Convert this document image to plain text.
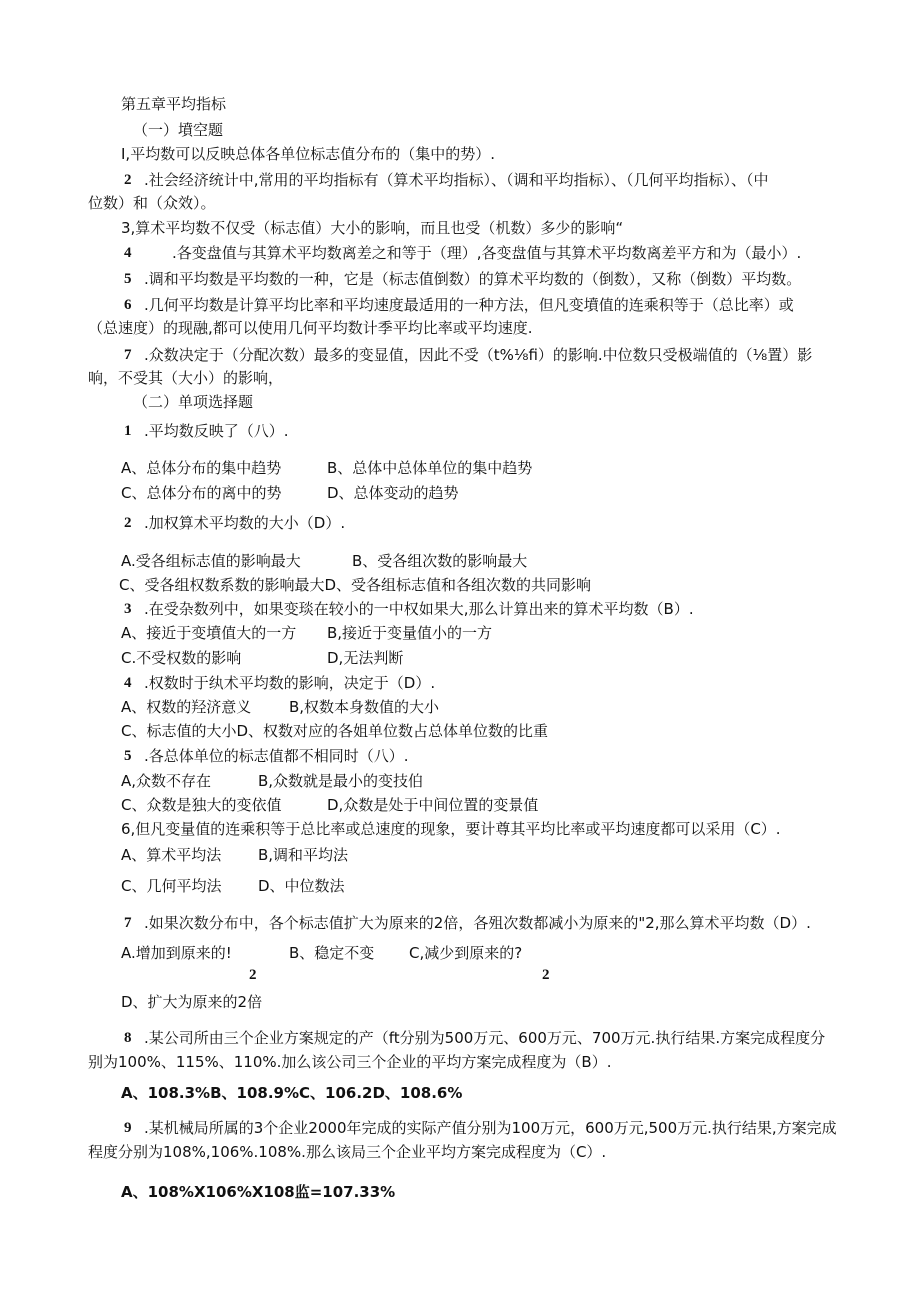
第五章平均指标
（一）墳空题
I,平均数可以反映总体各单位标志值分布的（集中的势）.
2 .社会经济统计中,常用的平均指标有（算术平均指标）、（调和平均指标）、（几何平均指标）、（中
位数）和（众效）。
3,算术平均数不仅受（标志值）大小的影响，而且也受（机数）多少的影响“
4	.各变盘值与其算术平均数离差之和等于（理）,各变盘值与其算术平均数离差平方和为（最小）.
5 .调和平均数是平均数的一种，它是（标志值倒数）的算术平均数的（倒数），又称（倒数）平均数。
6 .几何平均数是计算平均比率和平均速度最适用的一种方法，但凡变墳值的连乘积等于（总比率）或
（总速度）的现融,都可以使用几何平均数计季平均比率或平均速度.
7 .众数决定于（分配次数）最多的变显值，因此不受（t%⅛fi）的影响.中位数只受极端值的（⅛置）影
响，不受其（大小）的影响，
（二）单项选择题
1 .平均数反映了（八）.
A、总体分布的集中趋势	B、总体中总体单位的集中趋势
C、总体分布的离中的势	D、总体变动的趋势
2 .加权算术平均数的大小（D）.
A.受各组标志值的影响最大	B、受各组次数的影响最大
C、受各组权数系数的影响最大D、受各组标志值和各组次数的共同影响
3 .在受杂数列中，如果变琰在较小的一中权如果大,那么计算出来的算术平均数（B）.
A、接近于变墳值大的一方 B,接近于变量值小的一方
C.不受权数的影响	D,无法判断
4 .权数时于纨术平均数的影响，决定于（D）.
A、权数的羟济意义	B,权数本身数值的大小
C、标志值的大小D、权数对应的各姐单位数占总体单位数的比重
5 .各总体单位的标志值都不相同时（八）.
A,众数不存在	B,众数就是最小的变技伯
C、众数是独大的变依值	D,众数是处于中间位置的变景值
6,但凡变量值的连乘积等于总比率或总速度的现象，要计尊其平均比率或平均速度都可以采用（C）.
A、算术平均法 B,调和平均法
C、几何平均法 D、中位数法
7 .如果次数分布中，各个标志值扩大为原来的2倍，各殂次数都减小为原来的"2,那么算术平均数（D）.
A.增加到原来的!	B、稳定不变 C,减少到原来的?
2	2
D、扩大为原来的2倍
8 .某公司所由三个企业方案规定的产（ft分别为500万元、600万元、700万元.执行结果.方案完成程度分
别为100%、115%、110%.加么该公司三个企业的平均方案完成程度为（B）.
A、108.3%B、108.9%C、106.2D、108.6%
9 .某机械局所属的3个企业2000年完成的实际产值分别为100万元，600万元,500万元.执行结果,方案完成
程度分别为108%,106%.108%.那么该局三个企业平均方案完成程度为（C）.
A、108%X106%X108监=107.33%
